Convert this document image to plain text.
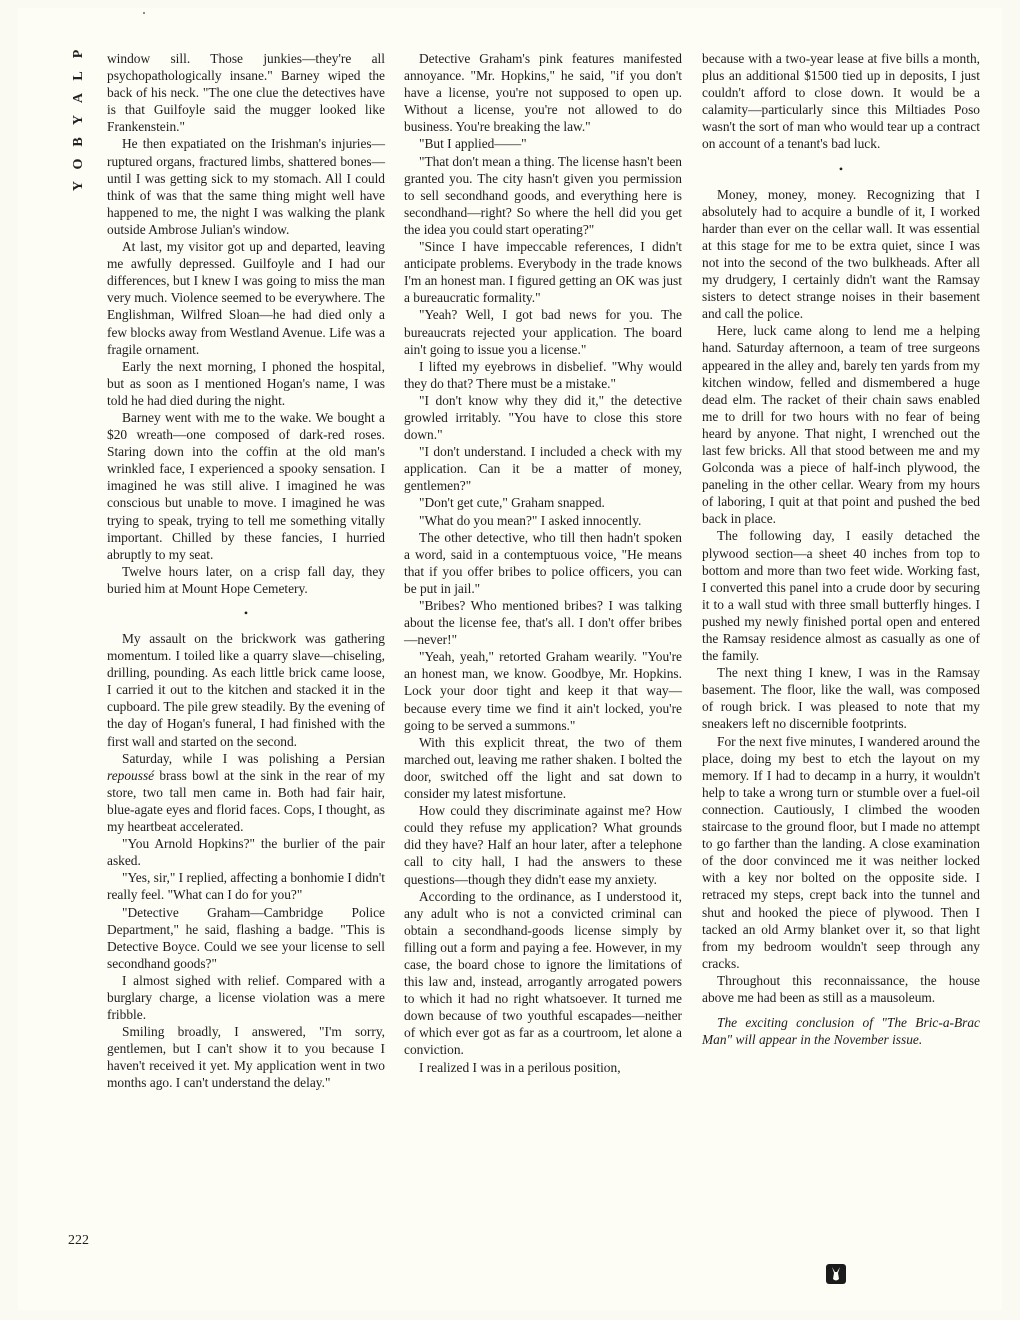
P
L
A
Y
B
O
Y

window sill. Those junkies—they're all psychopathologically insane." Barney wiped the back of his neck. "The one clue the detectives have is that Guilfoyle said the mugger looked like Frankenstein."

He then expatiated on the Irishman's injuries—ruptured organs, fractured limbs, shattered bones—until I was getting sick to my stomach. All I could think of was that the same thing might well have happened to me, the night I was walking the plank outside Ambrose Julian's window.

At last, my visitor got up and departed, leaving me awfully depressed. Guilfoyle and I had our differences, but I knew I was going to miss the man very much. Violence seemed to be everywhere. The Englishman, Wilfred Sloan—he had died only a few blocks away from Westland Avenue. Life was a fragile ornament.

Early the next morning, I phoned the hospital, but as soon as I mentioned Hogan's name, I was told he had died during the night.

Barney went with me to the wake. We bought a $20 wreath—one composed of dark-red roses. Staring down into the coffin at the old man's wrinkled face, I experienced a spooky sensation. I imagined he was still alive. I imagined he was conscious but unable to move. I imagined he was trying to speak, trying to tell me something vitally important. Chilled by these fancies, I hurried abruptly to my seat.

Twelve hours later, on a crisp fall day, they buried him at Mount Hope Cemetery.

•

My assault on the brickwork was gathering momentum. I toiled like a quarry slave—chiseling, drilling, pounding. As each little brick came loose, I carried it out to the kitchen and stacked it in the cupboard. The pile grew steadily. By the evening of the day of Hogan's funeral, I had finished with the first wall and started on the second.

Saturday, while I was polishing a Persian repoussé brass bowl at the sink in the rear of my store, two tall men came in. Both had fair hair, blue-agate eyes and florid faces. Cops, I thought, as my heartbeat accelerated.

"You Arnold Hopkins?" the burlier of the pair asked.

"Yes, sir," I replied, affecting a bonhomie I didn't really feel. "What can I do for you?"

"Detective Graham—Cambridge Police Department," he said, flashing a badge. "This is Detective Boyce. Could we see your license to sell secondhand goods?"

I almost sighed with relief. Compared with a burglary charge, a license violation was a mere fribble.

Smiling broadly, I answered, "I'm sorry, gentlemen, but I can't show it to you because I haven't received it yet. My application went in two months ago. I can't understand the delay."

Detective Graham's pink features manifested annoyance. "Mr. Hopkins," he said, "if you don't have a license, you're not supposed to open up. Without a license, you're not allowed to do business. You're breaking the law."

"But I applied——"

"That don't mean a thing. The license hasn't been granted you. The city hasn't given you permission to sell secondhand goods, and everything here is secondhand—right? So where the hell did you get the idea you could start operating?"

"Since I have impeccable references, I didn't anticipate problems. Everybody in the trade knows I'm an honest man. I figured getting an OK was just a bureaucratic formality."

"Yeah? Well, I got bad news for you. The bureaucrats rejected your application. The board ain't going to issue you a license."

I lifted my eyebrows in disbelief. "Why would they do that? There must be a mistake."

"I don't know why they did it," the detective growled irritably. "You have to close this store down."

"I don't understand. I included a check with my application. Can it be a matter of money, gentlemen?"

"Don't get cute," Graham snapped.

"What do you mean?" I asked innocently.

The other detective, who till then hadn't spoken a word, said in a contemptuous voice, "He means that if you offer bribes to police officers, you can be put in jail."

"Bribes? Who mentioned bribes? I was talking about the license fee, that's all. I don't offer bribes—never!"

"Yeah, yeah," retorted Graham wearily. "You're an honest man, we know. Goodbye, Mr. Hopkins. Lock your door tight and keep it that way—because every time we find it ain't locked, you're going to be served a summons."

With this explicit threat, the two of them marched out, leaving me rather shaken. I bolted the door, switched off the light and sat down to consider my latest misfortune.

How could they discriminate against me? How could they refuse my application? What grounds did they have? Half an hour later, after a telephone call to city hall, I had the answers to these questions—though they didn't ease my anxiety.

According to the ordinance, as I understood it, any adult who is not a convicted criminal can obtain a secondhand-goods license simply by filling out a form and paying a fee. However, in my case, the board chose to ignore the limitations of this law and, instead, arrogantly arrogated powers to which it had no right whatsoever. It turned me down because of two youthful escapades—neither of which ever got as far as a courtroom, let alone a conviction.

I realized I was in a perilous position,

because with a two-year lease at five bills a month, plus an additional $1500 tied up in deposits, I just couldn't afford to close down. It would be a calamity—particularly since this Miltiades Poso wasn't the sort of man who would tear up a contract on account of a tenant's bad luck.

•

Money, money, money. Recognizing that I absolutely had to acquire a bundle of it, I worked harder than ever on the cellar wall. It was essential at this stage for me to be extra quiet, since I was not into the second of the two bulkheads. After all my drudgery, I certainly didn't want the Ramsay sisters to detect strange noises in their basement and call the police.

Here, luck came along to lend me a helping hand. Saturday afternoon, a team of tree surgeons appeared in the alley and, barely ten yards from my kitchen window, felled and dismembered a huge dead elm. The racket of their chain saws enabled me to drill for two hours with no fear of being heard by anyone. That night, I wrenched out the last few bricks. All that stood between me and my Golconda was a piece of half-inch plywood, the paneling in the other cellar. Weary from my hours of laboring, I quit at that point and pushed the bed back in place.

The following day, I easily detached the plywood section—a sheet 40 inches from top to bottom and more than two feet wide. Working fast, I converted this panel into a crude door by securing it to a wall stud with three small butterfly hinges. I pushed my newly finished portal open and entered the Ramsay residence almost as casually as one of the family.

The next thing I knew, I was in the Ramsay basement. The floor, like the wall, was composed of rough brick. I was pleased to note that my sneakers left no discernible footprints.

For the next five minutes, I wandered around the place, doing my best to etch the layout on my memory. If I had to decamp in a hurry, it wouldn't help to take a wrong turn or stumble over a fuel-oil connection. Cautiously, I climbed the wooden staircase to the ground floor, but I made no attempt to go farther than the landing. A close examination of the door convinced me it was neither locked with a key nor bolted on the opposite side. I retraced my steps, crept back into the tunnel and shut and hooked the piece of plywood. Then I tacked an old Army blanket over it, so that light from my bedroom wouldn't seep through any cracks.

Throughout this reconnaissance, the house above me had been as still as a mausoleum.

The exciting conclusion of "The Bric-a-Brac Man" will appear in the November issue.

222
